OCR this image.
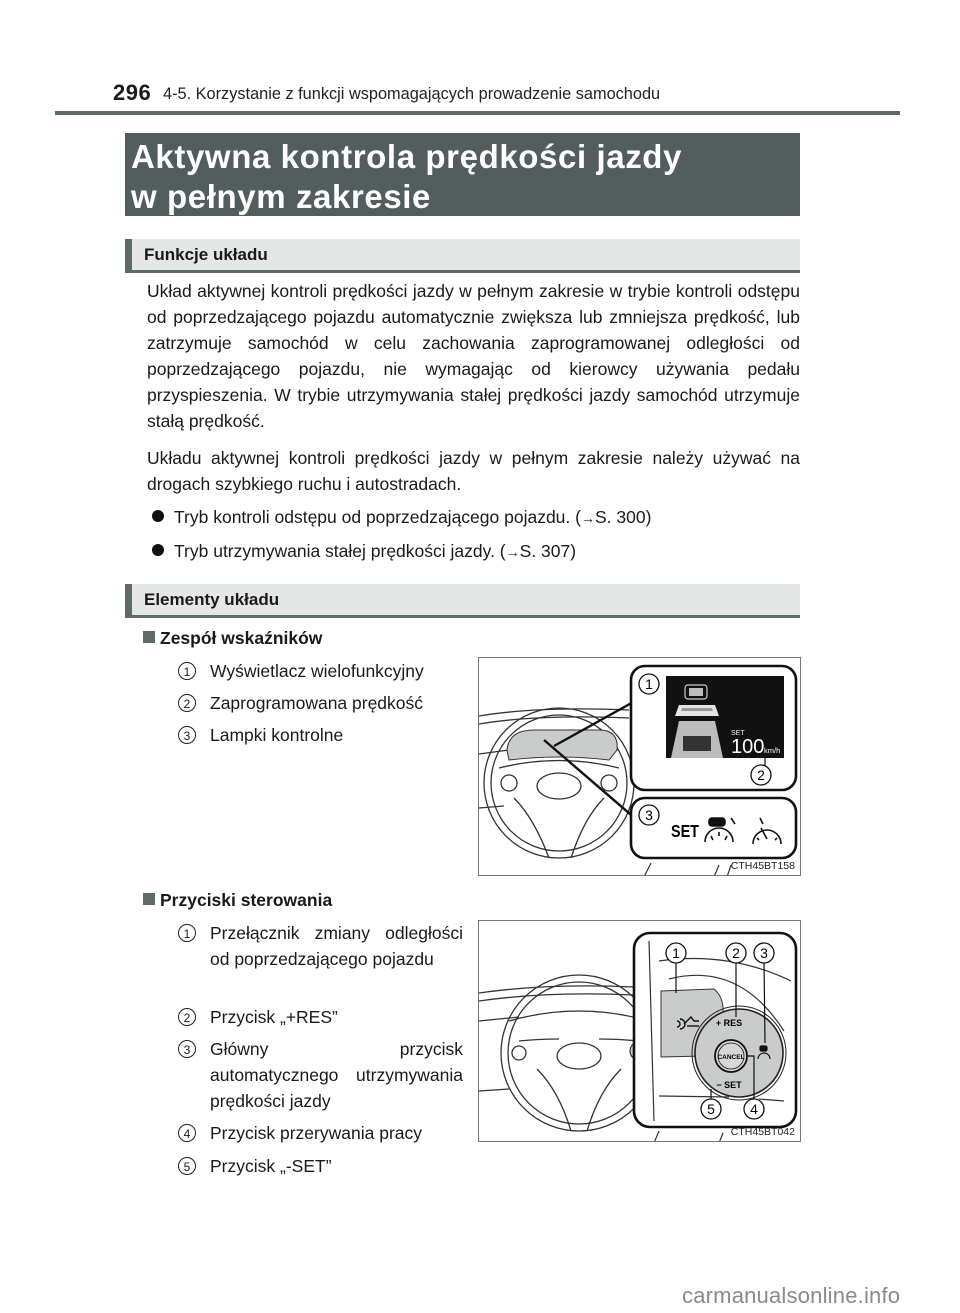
296 4-5. Korzystanie z funkcji wspomagających prowadzenie samochodu
Aktywna kontrola prędkości jazdy
w pełnym zakresie
Funkcje układu

Układ aktywnej kontroli prędkości jazdy w pełnym zakresie w trybie kontroli odstępu od poprzedzającego pojazdu automatycznie zwiększa lub zmniejsza prędkość, lub zatrzymuje samochód w celu zachowania zaprogramowanej odległości od poprzedzającego pojazdu, nie wymagając od kierowcy używania pedału przyspieszenia. W trybie utrzymywania stałej prędkości jazdy samochód utrzymuje stałą prędkość.

Układu aktywnej kontroli prędkości jazdy w pełnym zakresie należy używać na drogach szybkiego ruchu i autostradach.

Tryb kontroli odstępu od poprzedzającego pojazdu. (→S. 300)
Tryb utrzymywania stałej prędkości jazdy. (→S. 307)
Elementy układu
Zespół wskaźników
1	Wyświetlacz wielofunkcyjny
2	Zaprogramowana prędkość
3	Lampki kontrolne	SET
100 km/h
1
2
3
SET
CTH45BT158
Przyciski sterowania
1	Przełącznik zmiany odległości od poprzedzającego pojazdu
2	Przycisk „+RES”
3	Główny przycisk automatycznego utrzymywania prędkości jazdy
4	Przycisk przerywania pracy
5	Przycisk „-SET”
+ RES
− SET
CANCEL
1	2 3
4
5
CTH45BT042
carmanualsonline.info
